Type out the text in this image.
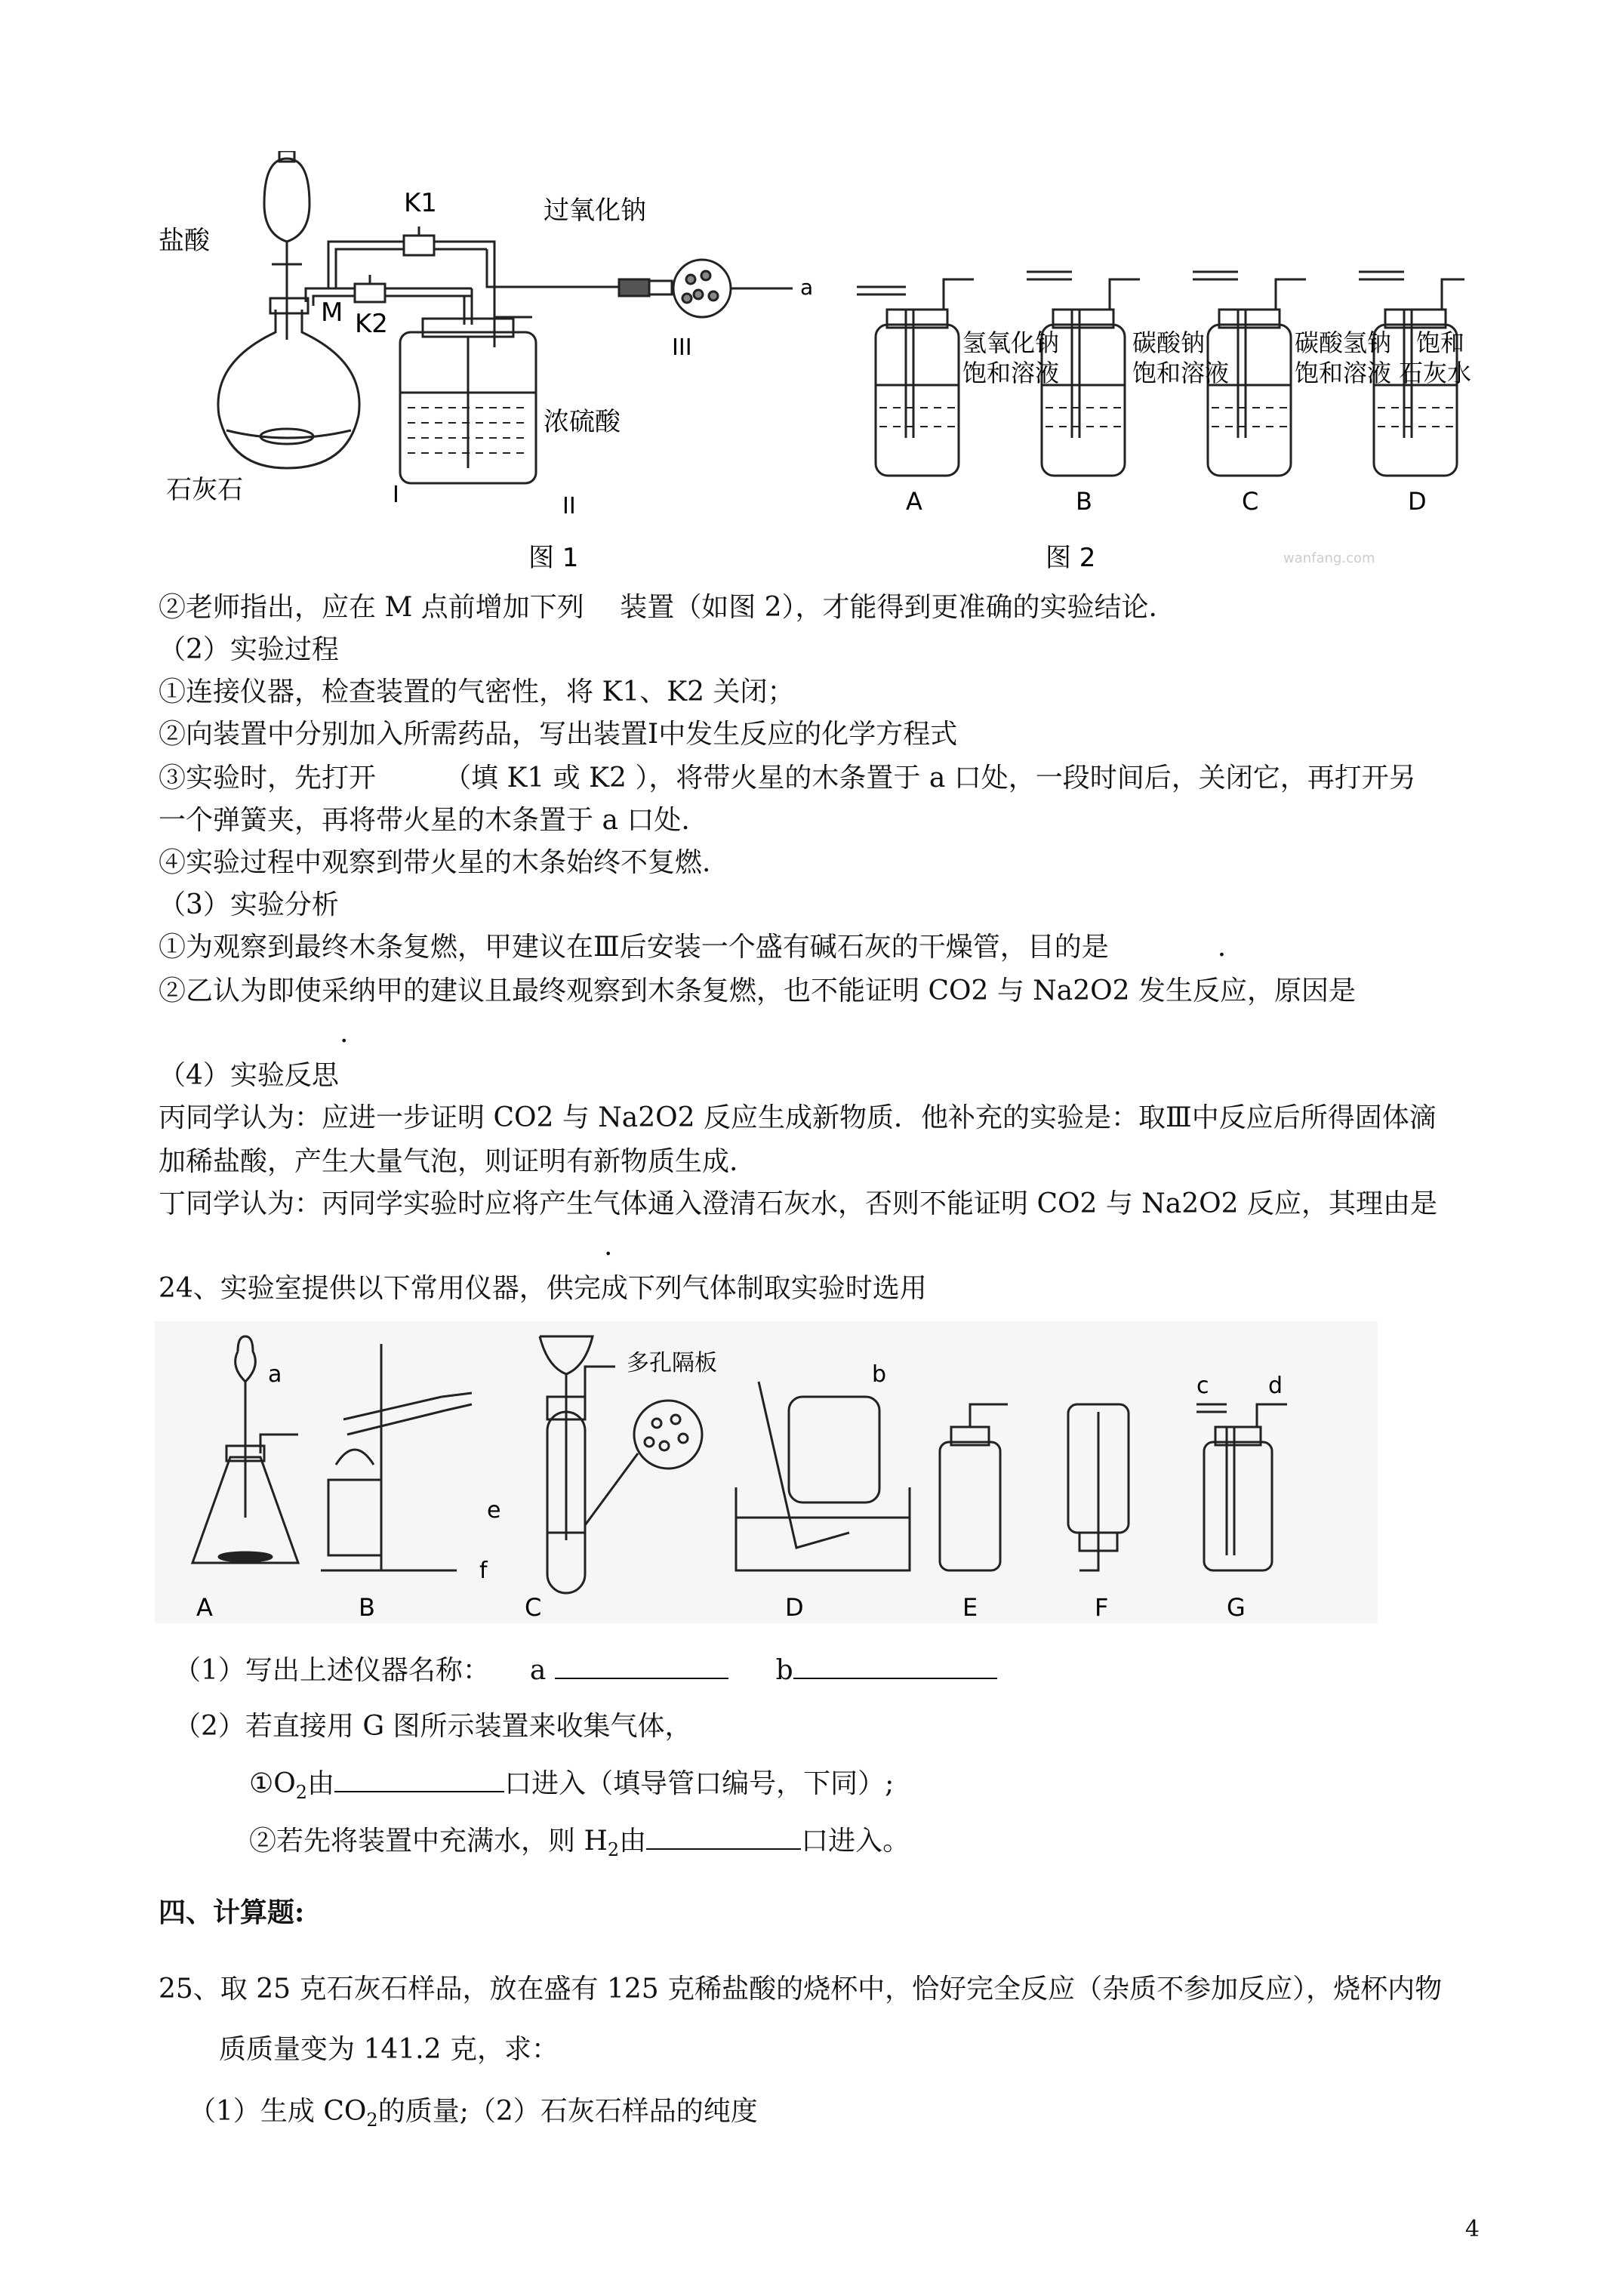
盐酸
石灰石
K1
K2
M
过氧化钠
a
浓硫酸
I	II
III
图 1
氢氧化钠
饱和溶液
碳酸钠
饱和溶液
碳酸氢钠
饱和溶液
饱和
石灰水
A	B	C	D
图 2	wanfang.com
②老师指出，应在 M 点前增加下列　 装置（如图 2），才能得到更准确的实验结论.
（2）实验过程
①连接仪器，检查装置的气密性，将 K1、K2 关闭；
②向装置中分别加入所需药品，写出装置Ⅰ中发生反应的化学方程式
③实验时，先打开　　　（填 K1 或 K2 ），将带火星的木条置于 a 口处，一段时间后，关闭它，再打开另
一个弹簧夹，再将带火星的木条置于 a 口处.
④实验过程中观察到带火星的木条始终不复燃.
（3）实验分析
①为观察到最终木条复燃，甲建议在Ⅲ后安装一个盛有碱石灰的干燥管，目的是　　　　.
②乙认为即使采纳甲的建议且最终观察到木条复燃，也不能证明 CO2 与 Na2O2 发生反应，原因是
.
（4）实验反思
丙同学认为：应进一步证明 CO2 与 Na2O2 反应生成新物质．他补充的实验是：取Ⅲ中反应后所得固体滴
加稀盐酸，产生大量气泡，则证明有新物质生成.
丁同学认为：丙同学实验时应将产生气体通入澄清石灰水，否则不能证明 CO2 与 Na2O2 反应，其理由是
.
24、实验室提供以下常用仪器，供完成下列气体制取实验时选用
a	b	c	d
e
f
多孔隔板
A	B	C	D	E	F	G
（1）写出上述仪器名称： a	b
（2）若直接用 G 图所示装置来收集气体，
$①O_2$由	口进入（填导管口编号，下同）;
②若先将装置中充满水，则 $H_2$由	口进入。
四、计算题:
25、取 25 克石灰石样品，放在盛有 125 克稀盐酸的烧杯中，恰好完全反应（杂质不参加反应），烧杯内物
质质量变为 141.2 克，求：
（1）生成 $CO_2$的质量;（2）石灰石样品的纯度
4
